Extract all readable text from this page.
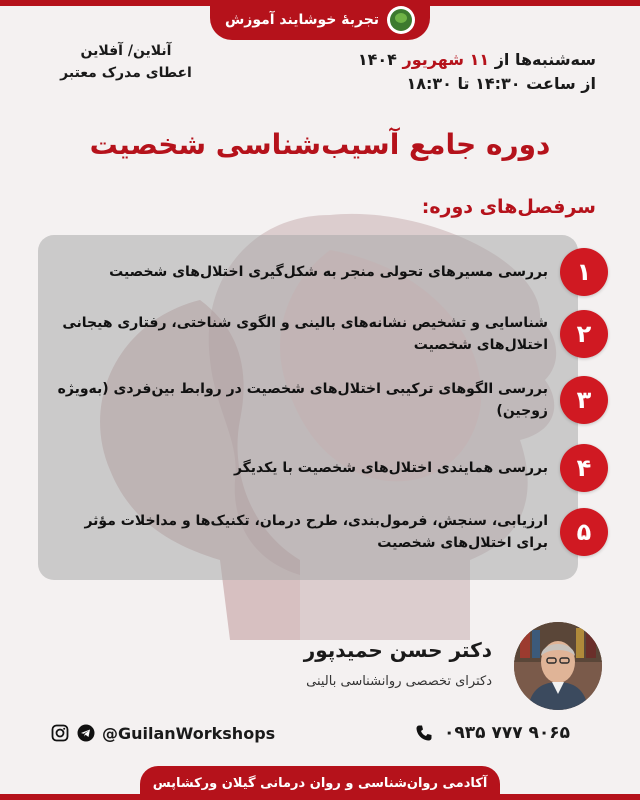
تجربهٔ خوشایند آموزش
آنلاین/ آفلاین
اعطای مدرک معتبر
سه‌شنبه‌ها از ۱۱ شهریور ۱۴۰۴
از ساعت ۱۴:۳۰ تا ۱۸:۳۰
دوره جامع آسیب‌شناسی شخصیت
سرفصل‌های دوره:
۱
بررسی مسیرهای تحولی منجر به شکل‌گیری اختلال‌های شخصیت
۲
شناسایی و تشخیص نشانه‌های بالینی و الگوی شناختی، رفتاری هیجانی اختلال‌های شخصیت
۳
بررسی الگوهای ترکیبی اختلال‌های شخصیت در روابط بین‌فردی (به‌ویژه زوجین)
۴
بررسی همایندی اختلال‌های شخصیت با یکدیگر
۵
ارزیابی، سنجش، فرمول‌بندی، طرح درمان، تکنیک‌ها و مداخلات مؤثر برای اختلال‌های شخصیت
دکتر حسن حمیدپور
دکترای تخصصی روانشناسی بالینی
@GuilanWorkshops	۰۹۳۵ ۷۷۷ ۹۰۶۵
آکادمی روان‌شناسی و روان درمانی گیلان ورکشاپس
